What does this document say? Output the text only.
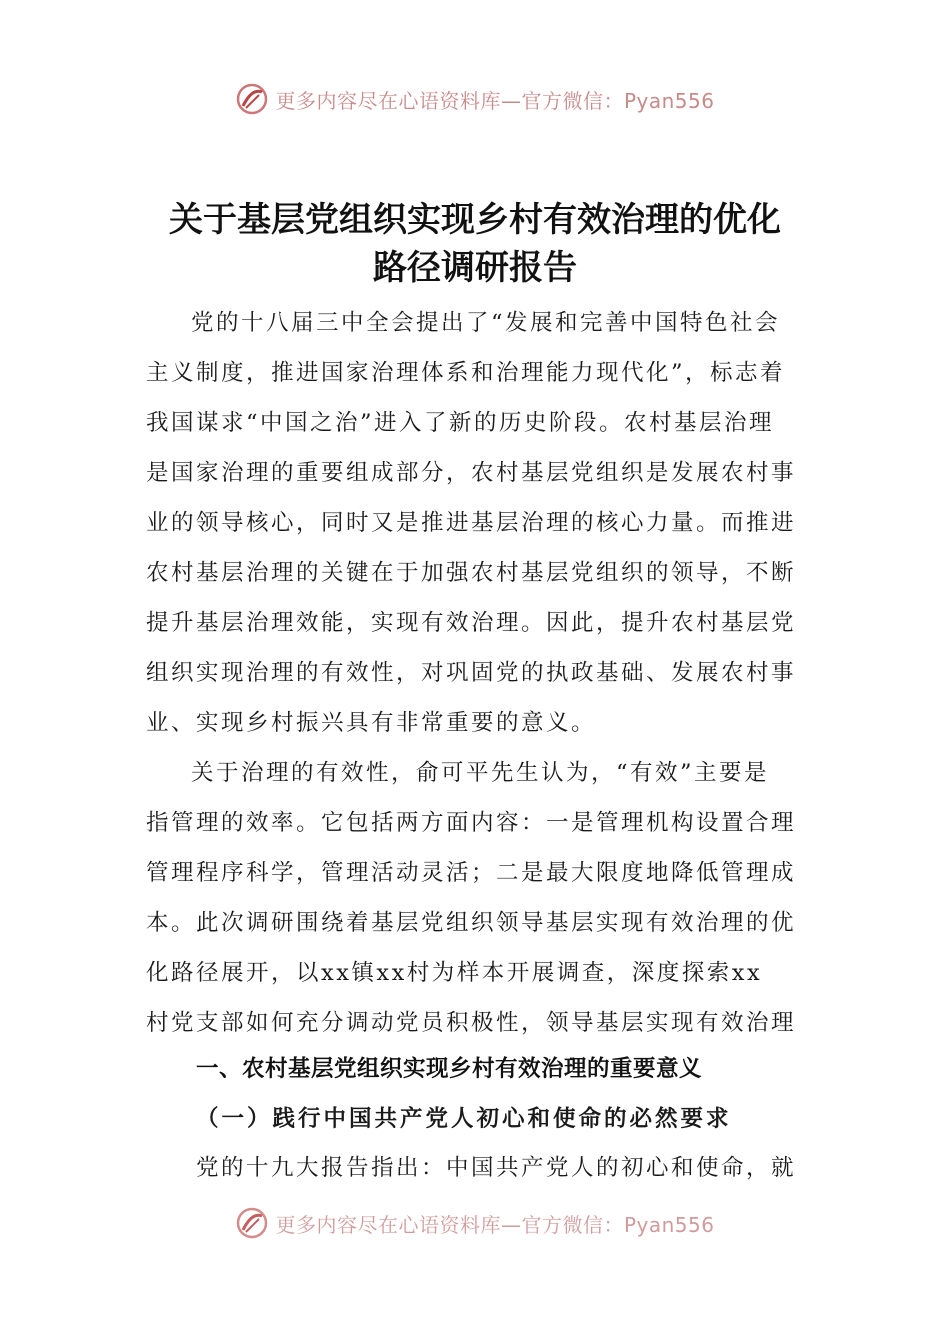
更多内容尽在心语资料库—官方微信：Pyan556
关于基层党组织实现乡村有效治理的优化
路径调研报告

党的十八届三中全会提出了“发展和完善中国特色社会
主义制度，推进国家治理体系和治理能力现代化”，标志着
我国谋求“中国之治”进入了新的历史阶段。农村基层治理
是国家治理的重要组成部分，农村基层党组织是发展农村事
业的领导核心，同时又是推进基层治理的核心力量。而推进
农村基层治理的关键在于加强农村基层党组织的领导，不断
提升基层治理效能，实现有效治理。因此，提升农村基层党
组织实现治理的有效性，对巩固党的执政基础、发展农村事
业、实现乡村振兴具有非常重要的意义。

关于治理的有效性，俞可平先生认为，“有效”主要是
指管理的效率。它包括两方面内容：一是管理机构设置合理
管理程序科学，管理活动灵活；二是最大限度地降低管理成
本。此次调研围绕着基层党组织领导基层实现有效治理的优
化路径展开，以xx镇xx村为样本开展调查，深度探索xx
村党支部如何充分调动党员积极性，领导基层实现有效治理

一、农村基层党组织实现乡村有效治理的重要意义
（一）践行中国共产党人初心和使命的必然要求

党的十九大报告指出：中国共产党人的初心和使命，就

更多内容尽在心语资料库—官方微信：Pyan556
